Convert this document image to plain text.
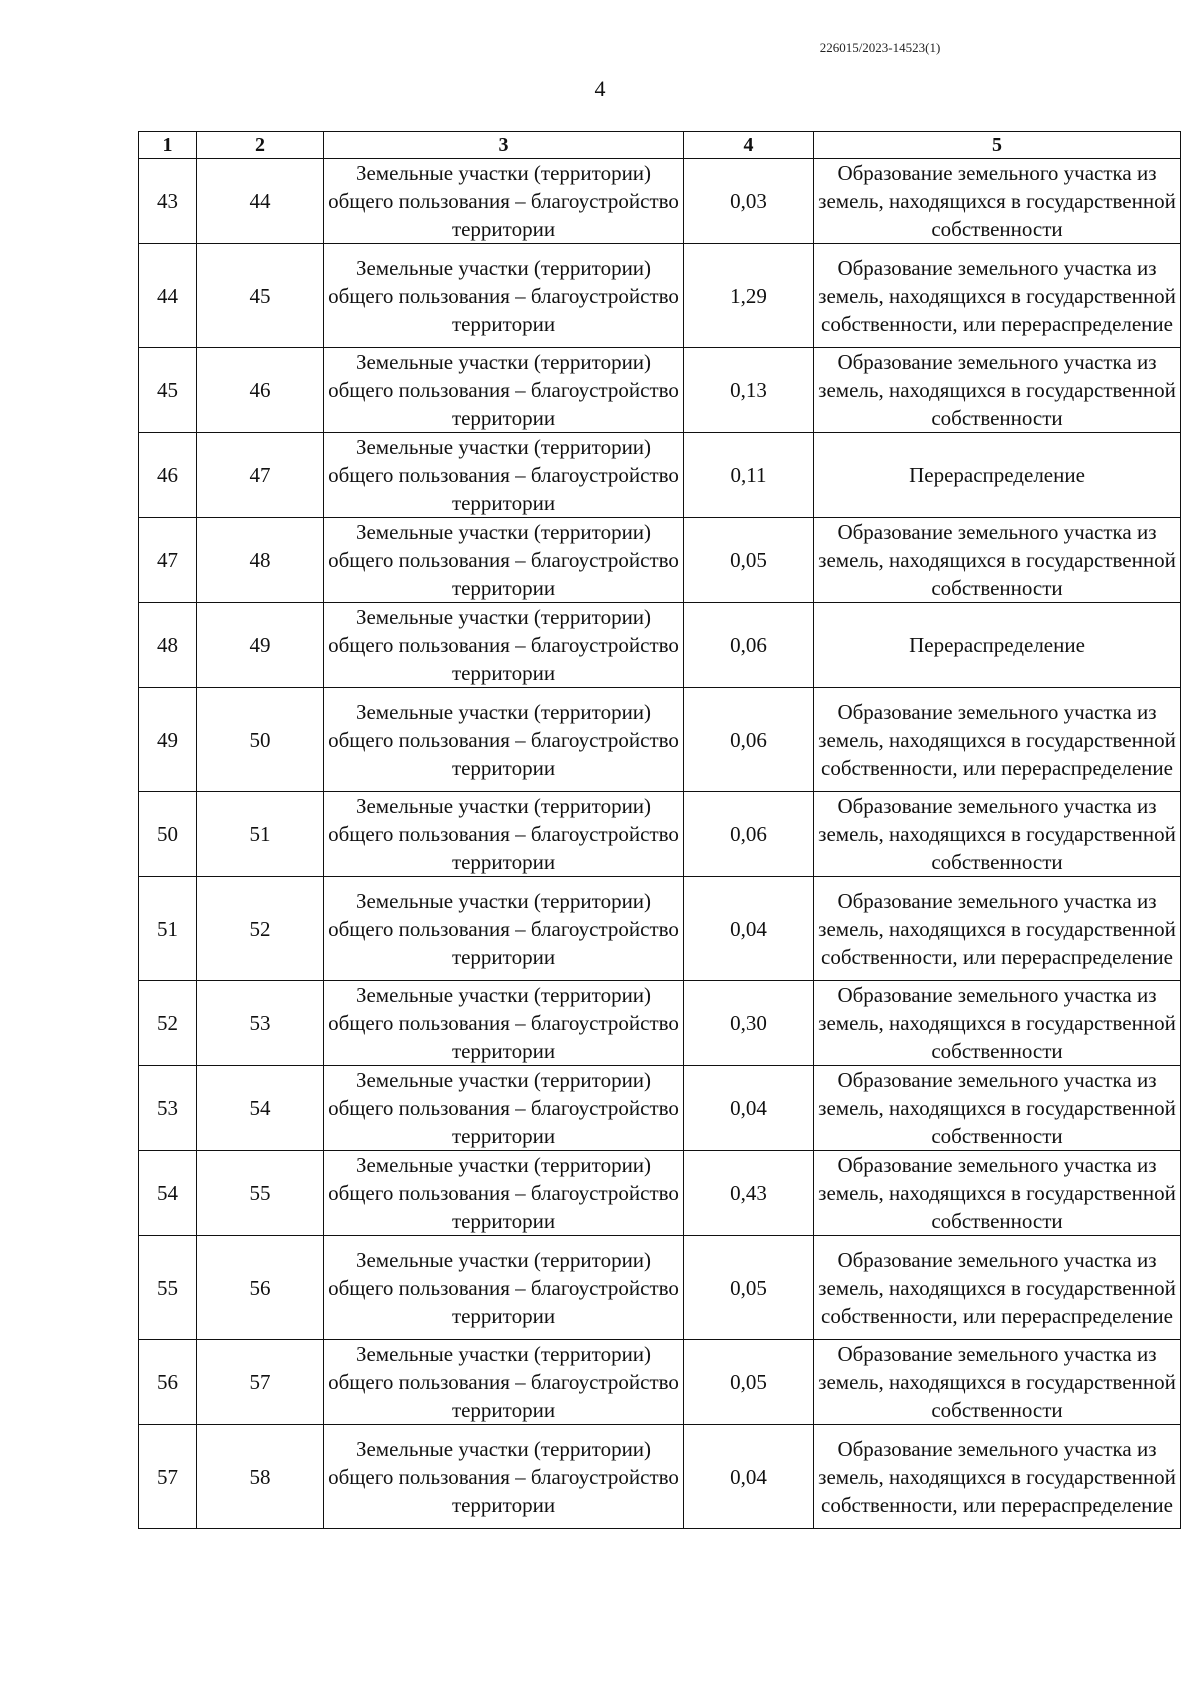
226015/2023-14523(1)
4
1	2	3	4	5
43	44	Земельные участки (территории) общего пользования – благоустройство территории	0,03	Образование земельного участка из земель, находящихся в государственной собственности
44	45	Земельные участки (территории) общего пользования – благоустройство территории	1,29	Образование земельного участка из земель, находящихся в государственной собственности, или перераспределение
45	46	Земельные участки (территории) общего пользования – благоустройство территории	0,13	Образование земельного участка из земель, находящихся в государственной собственности
46	47	Земельные участки (территории) общего пользования – благоустройство территории	0,11	Перераспределение
47	48	Земельные участки (территории) общего пользования – благоустройство территории	0,05	Образование земельного участка из земель, находящихся в государственной собственности
48	49	Земельные участки (территории) общего пользования – благоустройство территории	0,06	Перераспределение
49	50	Земельные участки (территории) общего пользования – благоустройство территории	0,06	Образование земельного участка из земель, находящихся в государственной собственности, или перераспределение
50	51	Земельные участки (территории) общего пользования – благоустройство территории	0,06	Образование земельного участка из земель, находящихся в государственной собственности
51	52	Земельные участки (территории) общего пользования – благоустройство территории	0,04	Образование земельного участка из земель, находящихся в государственной собственности, или перераспределение
52	53	Земельные участки (территории) общего пользования – благоустройство территории	0,30	Образование земельного участка из земель, находящихся в государственной собственности
53	54	Земельные участки (территории) общего пользования – благоустройство территории	0,04	Образование земельного участка из земель, находящихся в государственной собственности
54	55	Земельные участки (территории) общего пользования – благоустройство территории	0,43	Образование земельного участка из земель, находящихся в государственной собственности
55	56	Земельные участки (территории) общего пользования – благоустройство территории	0,05	Образование земельного участка из земель, находящихся в государственной собственности, или перераспределение
56	57	Земельные участки (территории) общего пользования – благоустройство территории	0,05	Образование земельного участка из земель, находящихся в государственной собственности
57	58	Земельные участки (территории) общего пользования – благоустройство территории	0,04	Образование земельного участка из земель, находящихся в государственной собственности, или перераспределение
